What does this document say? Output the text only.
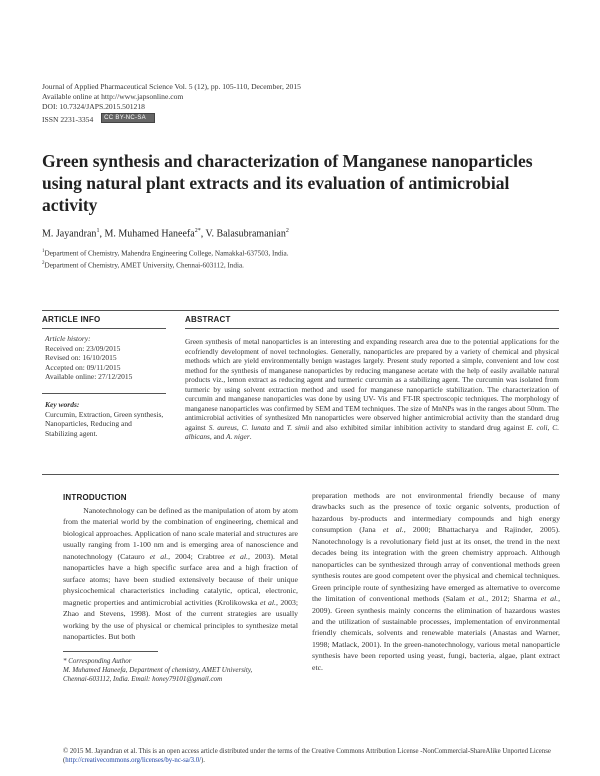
Journal of Applied Pharmaceutical Science Vol. 5 (12), pp. 105-110, December, 2015
Available online at http://www.japsonline.com
DOI: 10.7324/JAPS.2015.501218
ISSN 2231-3354 CC BY-NC-SA
Green synthesis and characterization of Manganese nanoparticles using natural plant extracts and its evaluation of antimicrobial activity
M. Jayandran$^1$, M. Muhamed Haneefa$^{2*}$, V. Balasubramanian$^2$
$^1$Department of Chemistry, Mahendra Engineering College, Namakkal-637503, India.
$^2$Department of Chemistry, AMET University, Chennai-603112, India.
ARTICLE INFO
Article history:
Received on: 23/09/2015
Revised on: 16/10/2015
Accepted on: 09/11/2015
Available online: 27/12/2015
Key words:
Curcumin, Extraction, Green synthesis, Nanoparticles, Reducing and Stabilizing agent.
ABSTRACT
Green synthesis of metal nanoparticles is an interesting and expanding research area due to the potential applications for the ecofriendly development of novel technologies. Generally, nanoparticles are prepared by a variety of chemical and physical methods which are yield environmentally benign wastages largely. Present study reported a simple, convenient and low cost method for the synthesis of manganese nanoparticles by reducing manganese acetate with the help of easily available natural products viz., lemon extract as reducing agent and turmeric curcumin as a stabilizing agent. The curcumin was isolated from turmeric by using solvent extraction method and used for manganese nanoparticle stabilization. The characterization of curcumin and manganese nanoparticles was done by using UV- Vis and FT-IR spectroscopic techniques. The morphology of manganese nanoparticles was confirmed by SEM and TEM techniques. The size of MnNPs was in the ranges about 50nm. The antimicrobial activities of synthesized Mn nanoparticles were observed higher antimicrobial activity than the standard drug against S. aureus, C. lunata and T. simii and also exhibited similar inhibition activity to standard drug against E. coli, C. albicans, and A. niger.
INTRODUCTION
Nanotechnology can be defined as the manipulation of atom by atom from the material world by the combination of engineering, chemical and biological approaches. Application of nano scale material and structures are usually ranging from 1-100 nm and is emerging area of nanoscience and nanotechnology (Catauro et al., 2004; Crabtree et al., 2003). Metal nanoparticles have a high specific surface area and a high fraction of surface atoms; have been studied extensively because of their unique physicochemical characteristics including catalytic, optical, electronic, magnetic properties and antimicrobial activities (Krolikowska et al., 2003; Zhao and Stevens, 1998). Most of the current strategies are usually working by the use of physical or chemical principles to synthesize metal nanoparticles. But both
preparation methods are not environmental friendly because of many drawbacks such as the presence of toxic organic solvents, production of hazardous by-products and intermediary compounds and high energy consumption (Jana et al., 2000; Bhattacharya and Rajinder, 2005). Nanotechnology is a revolutionary field just at its onset, the trend in the next decades being its integration with the green chemistry approach. Although nanoparticles can be synthesized through array of conventional methods green synthesis routes are good competent over the physical and chemical techniques. Green principle route of synthesizing have emerged as alternative to overcome the limitation of conventional methods (Salam et al., 2012; Sharma et al., 2009). Green synthesis mainly concerns the elimination of hazardous wastes and the utilization of sustainable processes, implementation of environmental friendly chemicals, solvents and renewable materials (Anastas and Warner, 1998; Matlack, 2001). In the green-nanotechnology, various metal nanoparticle synthesis have been reported using yeast, fungi, bacteria, algae, plant extract etc.
* Corresponding Author
M. Muhamed Haneefa, Department of chemistry, AMET University,
Chennai-603112, India. Email: honey79101@gmail.com
© 2015 M. Jayandran et al. This is an open access article distributed under the terms of the Creative Commons Attribution License -NonCommercial-ShareAlike Unported License (http://creativecommons.org/licenses/by-nc-sa/3.0/).
